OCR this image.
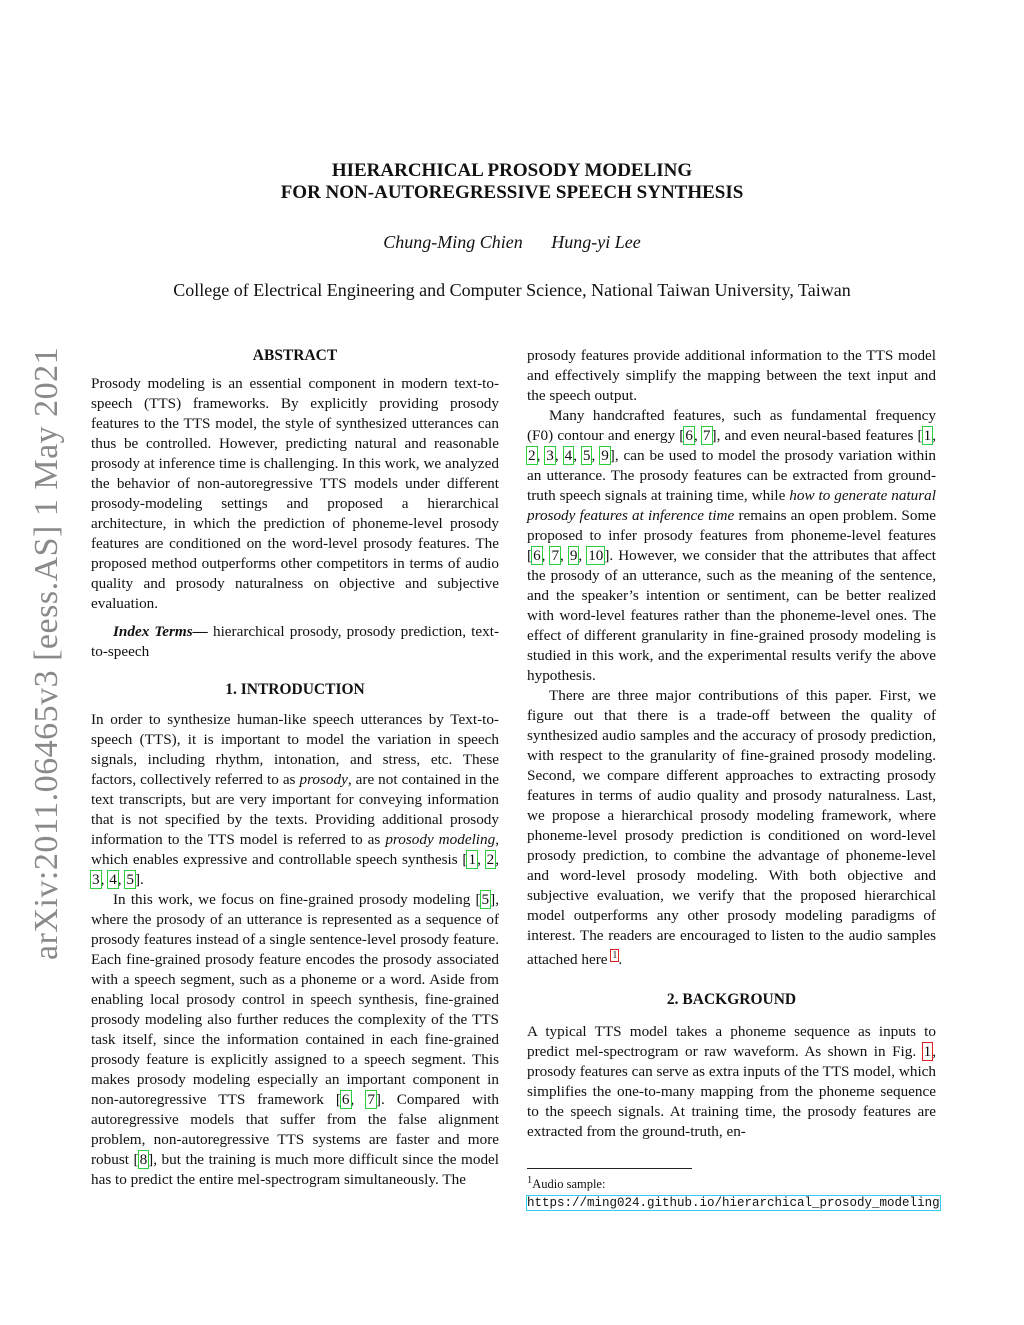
arXiv:2011.06465v3 [eess.AS] 1 May 2021
HIERARCHICAL PROSODY MODELING
FOR NON-AUTOREGRESSIVE SPEECH SYNTHESIS
Chung-Ming Chien Hung-yi Lee
College of Electrical Engineering and Computer Science, National Taiwan University, Taiwan
ABSTRACT

Prosody modeling is an essential component in modern text-to-speech (TTS) frameworks. By explicitly providing prosody features to the TTS model, the style of synthesized utterances can thus be controlled. However, predicting natural and reasonable prosody at inference time is challenging. In this work, we analyzed the behavior of non-autoregressive TTS models under different prosody-modeling settings and proposed a hierarchical architecture, in which the prediction of phoneme-level prosody features are conditioned on the word-level prosody features. The proposed method outperforms other competitors in terms of audio quality and prosody naturalness on objective and subjective evaluation.

Index Terms— hierarchical prosody, prosody prediction, text-to-speech

1. INTRODUCTION

In order to synthesize human-like speech utterances by Text-to-speech (TTS), it is important to model the variation in speech signals, including rhythm, intonation, and stress, etc. These factors, collectively referred to as prosody, are not contained in the text transcripts, but are very important for conveying information that is not specified by the texts. Providing additional prosody information to the TTS model is referred to as prosody modeling, which enables expressive and controllable speech synthesis [1, 2, 3, 4, 5].

In this work, we focus on fine-grained prosody modeling [5], where the prosody of an utterance is represented as a sequence of prosody features instead of a single sentence-level prosody feature. Each fine-grained prosody feature encodes the prosody associated with a speech segment, such as a phoneme or a word. Aside from enabling local prosody control in speech synthesis, fine-grained prosody modeling also further reduces the complexity of the TTS task itself, since the information contained in each fine-grained prosody feature is explicitly assigned to a speech segment. This makes prosody modeling especially an important component in non-autoregressive TTS framework [6, 7]. Compared with autoregressive models that suffer from the false alignment problem, non-autoregressive TTS systems are faster and more robust [8], but the training is much more difficult since the model has to predict the entire mel-spectrogram simultaneously. The

prosody features provide additional information to the TTS model and effectively simplify the mapping between the text input and the speech output.

Many handcrafted features, such as fundamental frequency (F0) contour and energy [6, 7], and even neural-based features [1, 2, 3, 4, 5, 9], can be used to model the prosody variation within an utterance. The prosody features can be extracted from ground-truth speech signals at training time, while how to generate natural prosody features at inference time remains an open problem. Some proposed to infer prosody features from phoneme-level features [6, 7, 9, 10]. However, we consider that the attributes that affect the prosody of an utterance, such as the meaning of the sentence, and the speaker’s intention or sentiment, can be better realized with word-level features rather than the phoneme-level ones. The effect of different granularity in fine-grained prosody modeling is studied in this work, and the experimental results verify the above hypothesis.

There are three major contributions of this paper. First, we figure out that there is a trade-off between the quality of synthesized audio samples and the accuracy of prosody prediction, with respect to the granularity of fine-grained prosody modeling. Second, we compare different approaches to extracting prosody features in terms of audio quality and prosody naturalness. Last, we propose a hierarchical prosody modeling framework, where phoneme-level prosody prediction is conditioned on word-level prosody prediction, to combine the advantage of phoneme-level and word-level prosody modeling. With both objective and subjective evaluation, we verify that the proposed hierarchical model outperforms any other prosody modeling paradigms of interest. The readers are encouraged to listen to the audio samples attached here $^1$.

2. BACKGROUND

A typical TTS model takes a phoneme sequence as inputs to predict mel-spectrogram or raw waveform. As shown in Fig. 1, prosody features can serve as extra inputs of the TTS model, which simplifies the one-to-many mapping from the phoneme sequence to the speech signals. At training time, the prosody features are extracted from the ground-truth, en-

$^1$Audio sample: https://ming024.github.io/hierarchical_prosody_modeling
